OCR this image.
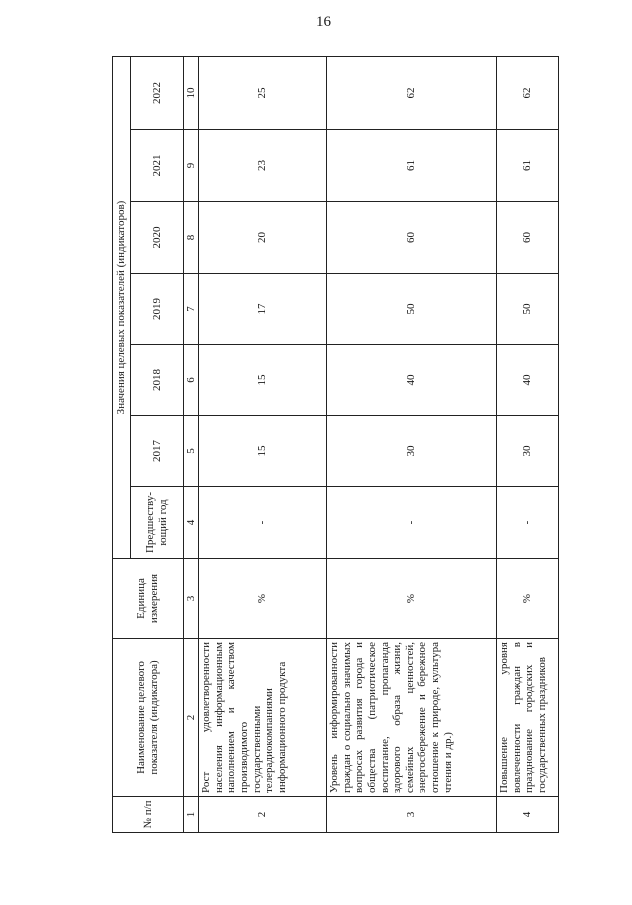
16
№ п/п	Наименование целевого показателя (индикатора)	Единица измерения	Значения целевых показателей (индикаторов)						
			Предшеству-ющий год	2017	2018	2019	2020	2021	2022
1	2	3	4	5	6	7	8	9	10
2	Рост удовлетворенности населения информационным наполнением и качеством производимого государственными телерадиокомпаниями информационного продукта	%	-	15	15	17	20	23	25
3	Уровень информированности граждан о социально значимых вопросах развития города и общества (патриотическое воспитание, пропаганда здорового образа жизни, семейных ценностей, энергосбережение и бережное отношение к природе, культура чтения и др.)	%	-	30	40	50	60	61	62
4	Повышение уровня вовлеченности граждан в празднование городских и государственных праздников	%	-	30	40	50	60	61	62
